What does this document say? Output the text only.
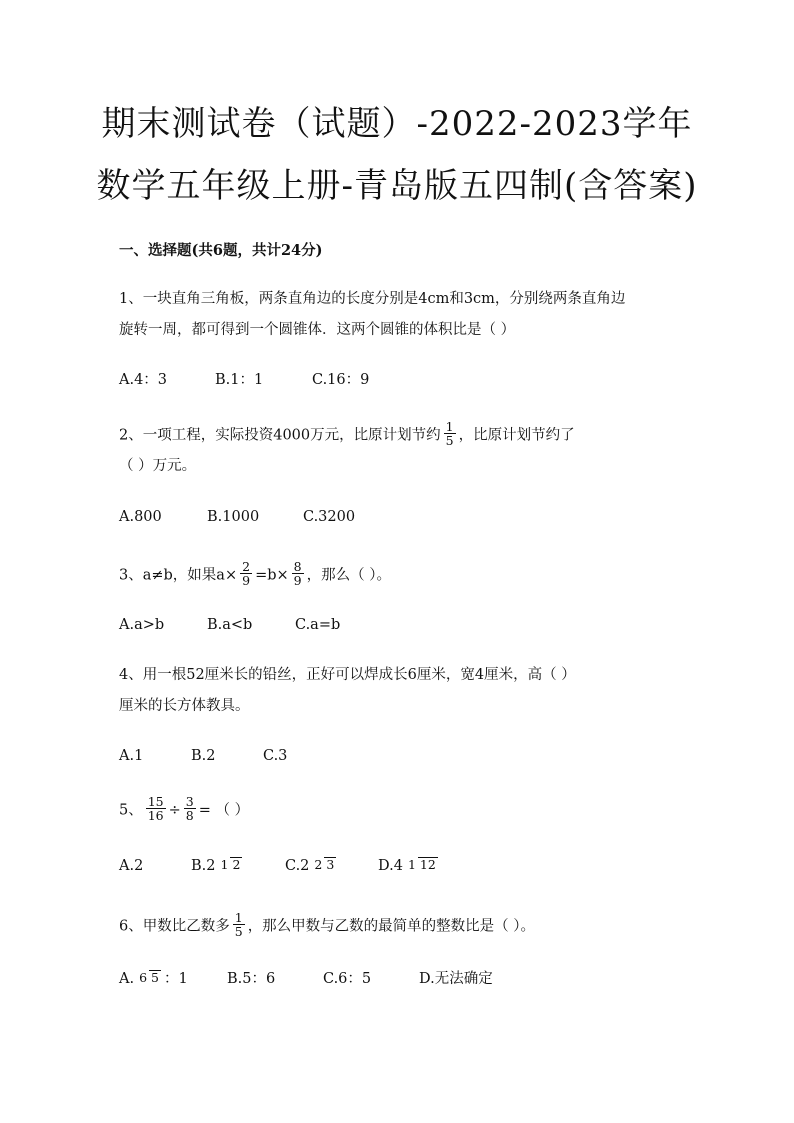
期末测试卷（试题）-2022-2023学年
数学五年级上册-青岛版五四制(含答案)
一、选择题(共6题，共计24分)
1、一块直角三角板，两条直角边的长度分别是4cm和3cm，分别绕两条直角边
旋转一周，都可得到一个圆锥体．这两个圆锥的体积比是（ ）
A.4：3	B.1：1	C.16：9
2、一项工程，实际投资4000万元，比原计划节约 $\frac{1}{5}$ ，比原计划节约了
（ ）万元。
A.800	B.1000	C.3200
3、a≠b，如果$a\times \frac{2}{9} =b\times \frac{8}{9}$ ，那么（ ）。
A.a>b	B.a<b	C.a=b
4、用一根52厘米长的铅丝，正好可以焊成长6厘米，宽4厘米，高（ ）
厘米的长方体教具。
A.1	B.2	C.3
5、 $\frac{15}{16} \div \frac{3}{8}$ = （ ）
A.2	B.2 1 2	C.2 2 3	D.4 1 12
6、甲数比乙数多 $\frac{1}{5}$ ，那么甲数与乙数的最简单的整数比是（ ）。
A. 6 5 ：1	B.5：6	C.6：5	D.无法确定
